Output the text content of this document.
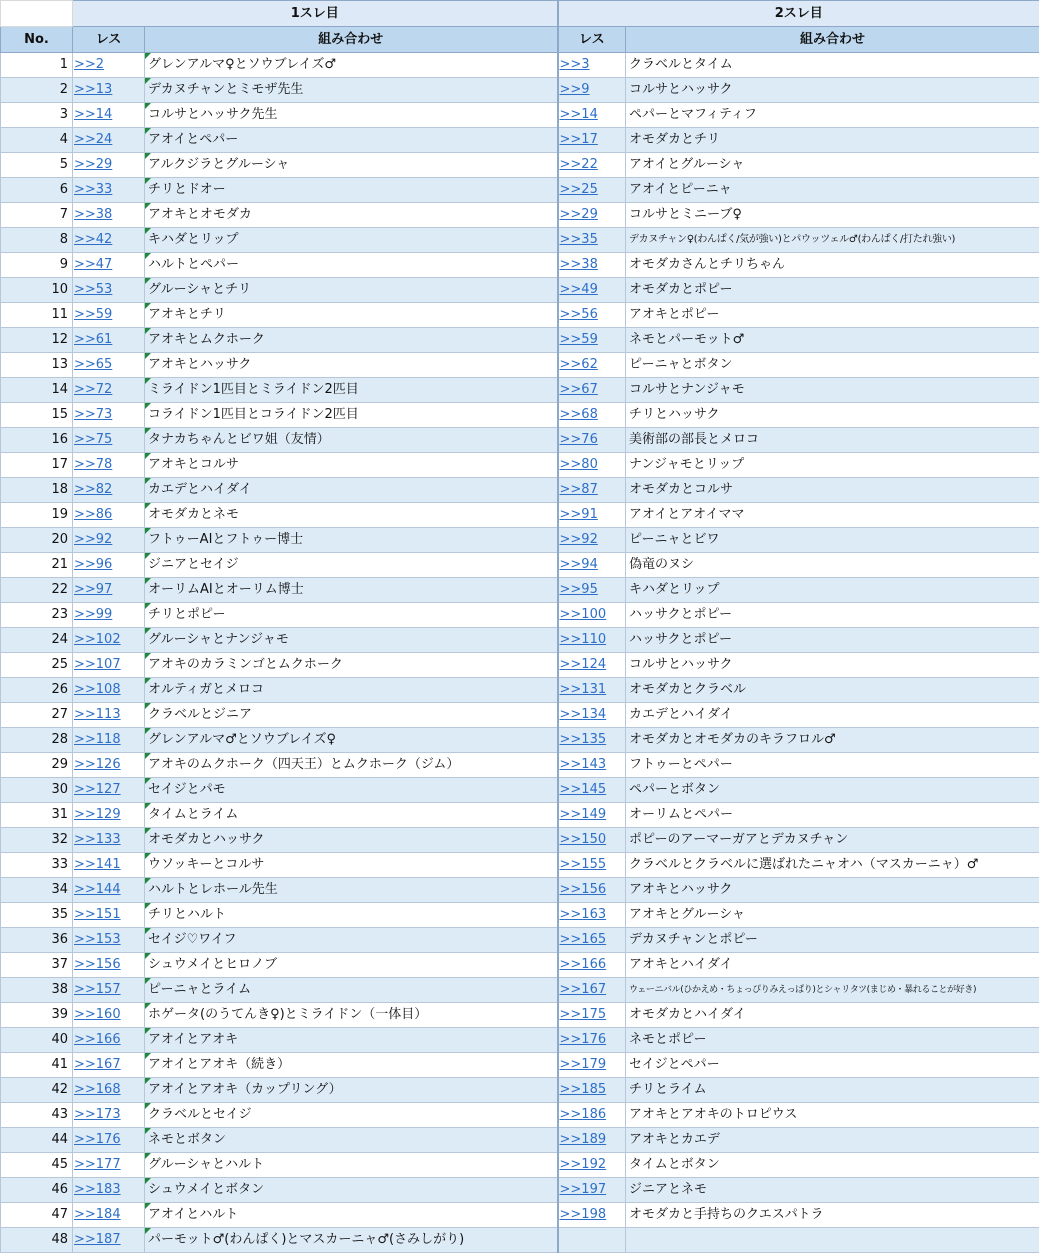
	1スレ目		2スレ目	
No.	レス	組み合わせ	レス	組み合わせ
1	>>2	グレンアルマ♀とソウブレイズ♂	>>3	クラベルとタイム
2	>>13	デカヌチャンとミモザ先生	>>9	コルサとハッサク
3	>>14	コルサとハッサク先生	>>14	ペパーとマフィティフ
4	>>24	アオイとペパー	>>17	オモダカとチリ
5	>>29	アルクジラとグルーシャ	>>22	アオイとグルーシャ
6	>>33	チリとドオー	>>25	アオイとピーニャ
7	>>38	アオキとオモダカ	>>29	コルサとミニーブ♀
8	>>42	キハダとリップ	>>35	デカヌチャン♀(わんぱく/気が強い)とパウッツェル♂(わんぱく/打たれ強い)
9	>>47	ハルトとペパー	>>38	オモダカさんとチリちゃん
10	>>53	グルーシャとチリ	>>49	オモダカとポピー
11	>>59	アオキとチリ	>>56	アオキとポピー
12	>>61	アオキとムクホーク	>>59	ネモとパーモット♂
13	>>65	アオキとハッサク	>>62	ピーニャとボタン
14	>>72	ミライドン1匹目とミライドン2匹目	>>67	コルサとナンジャモ
15	>>73	コライドン1匹目とコライドン2匹目	>>68	チリとハッサク
16	>>75	タナカちゃんとビワ姐（友情）	>>76	美術部の部長とメロコ
17	>>78	アオキとコルサ	>>80	ナンジャモとリップ
18	>>82	カエデとハイダイ	>>87	オモダカとコルサ
19	>>86	オモダカとネモ	>>91	アオイとアオイママ
20	>>92	フトゥーAIとフトゥー博士	>>92	ピーニャとビワ
21	>>96	ジニアとセイジ	>>94	偽竜のヌシ
22	>>97	オーリムAIとオーリム博士	>>95	キハダとリップ
23	>>99	チリとポピー	>>100	ハッサクとポピー
24	>>102	グルーシャとナンジャモ	>>110	ハッサクとポピー
25	>>107	アオキのカラミンゴとムクホーク	>>124	コルサとハッサク
26	>>108	オルティガとメロコ	>>131	オモダカとクラベル
27	>>113	クラベルとジニア	>>134	カエデとハイダイ
28	>>118	グレンアルマ♂とソウブレイズ♀	>>135	オモダカとオモダカのキラフロル♂
29	>>126	アオキのムクホーク（四天王）とムクホーク（ジム）	>>143	フトゥーとペパー
30	>>127	セイジとパモ	>>145	ペパーとボタン
31	>>129	タイムとライム	>>149	オーリムとペパー
32	>>133	オモダカとハッサク	>>150	ポピーのアーマーガアとデカヌチャン
33	>>141	ウソッキーとコルサ	>>155	クラベルとクラベルに選ばれたニャオハ（マスカーニャ）♂
34	>>144	ハルトとレホール先生	>>156	アオキとハッサク
35	>>151	チリとハルト	>>163	アオキとグルーシャ
36	>>153	セイジ♡ワイフ	>>165	デカヌチャンとポピー
37	>>156	シュウメイとヒロノブ	>>166	アオキとハイダイ
38	>>157	ピーニャとライム	>>167	ウェーニバル(ひかえめ・ちょっぴりみえっぱり)とシャリタツ(まじめ・暴れることが好き)
39	>>160	ホゲータ(のうてんき♀)とミライドン（一体目）	>>175	オモダカとハイダイ
40	>>166	アオイとアオキ	>>176	ネモとポピー
41	>>167	アオイとアオキ（続き）	>>179	セイジとペパー
42	>>168	アオイとアオキ（カップリング）	>>185	チリとライム
43	>>173	クラベルとセイジ	>>186	アオキとアオキのトロピウス
44	>>176	ネモとボタン	>>189	アオキとカエデ
45	>>177	グルーシャとハルト	>>192	タイムとボタン
46	>>183	シュウメイとボタン	>>197	ジニアとネモ
47	>>184	アオイとハルト	>>198	オモダカと手持ちのクエスパトラ
48	>>187	パーモット♂(わんぱく)とマスカーニャ♂(さみしがり)		
